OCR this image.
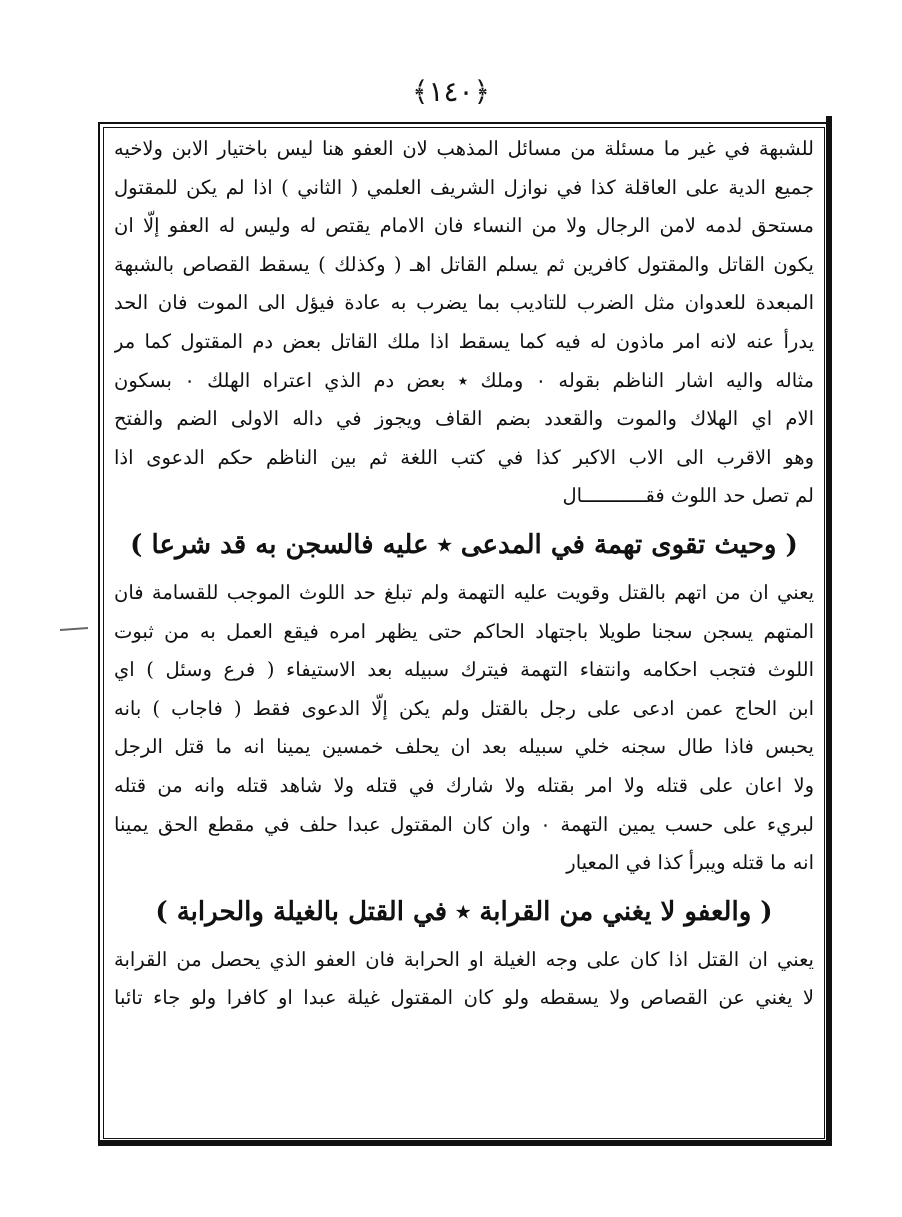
﴿١٤٠﴾
للشبهة في غير ما مسئلة من مسائل المذهب لان العفو هنا ليس باختيار الابن ولاخيه
جميع الدية على العاقلة كذا في نوازل الشريف العلمي ( الثاني ) اذا لم يكن للمقتول
مستحق لدمه لامن الرجال ولا من النساء فان الامام يقتص له وليس له العفو إلّا ان
يكون القاتل والمقتول كافرين ثم يسلم القاتل اهـ ( وكذلك ) يسقط القصاص بالشبهة
المبعدة للعدوان مثل الضرب للتاديب بما يضرب به عادة فيؤل الى الموت فان الحد
يدرأ عنه لانه امر ماذون له فيه كما يسقط اذا ملك القاتل بعض دم المقتول كما مر
مثاله واليه اشار الناظم بقوله ٠ وملك ٭ بعض دم الذي اعتراه الهلك ٠ بسكون
الام اي الهلاك والموت والقعدد بضم القاف ويجوز في داله الاولى الضم والفتح
وهو الاقرب الى الاب الاكبر كذا في كتب اللغة ثم بين الناظم حكم الدعوى اذا
لم تصل حد اللوث فقـــــــــــال
( وحيث تقوى تهمة في المدعى ٭ عليه فالسجن به قد شرعا )
يعني ان من اتهم بالقتل وقويت عليه التهمة ولم تبلغ حد اللوث الموجب للقسامة فان
المتهم يسجن سجنا طويلا باجتهاد الحاكم حتى يظهر امره فيقع العمل به من ثبوت
اللوث فتجب احكامه وانتفاء التهمة فيترك سبيله بعد الاستيفاء ( فرع وسئل ) اي
ابن الحاج عمن ادعى على رجل بالقتل ولم يكن إلّا الدعوى فقط ( فاجاب ) بانه
يحبس فاذا طال سجنه خلي سبيله بعد ان يحلف خمسين يمينا انه ما قتل الرجل
ولا اعان على قتله ولا امر بقتله ولا شارك في قتله ولا شاهد قتله وانه من قتله
لبريء على حسب يمين التهمة ٠ وان كان المقتول عبدا حلف في مقطع الحق يمينا
انه ما قتله ويبرأ كذا في المعيار
( والعفو لا يغني من القرابة ٭ في القتل بالغيلة والحرابة )
يعني ان القتل اذا كان على وجه الغيلة او الحرابة فان العفو الذي يحصل من القرابة
لا يغني عن القصاص ولا يسقطه ولو كان المقتول غيلة عبدا او كافرا ولو جاء تائبا
